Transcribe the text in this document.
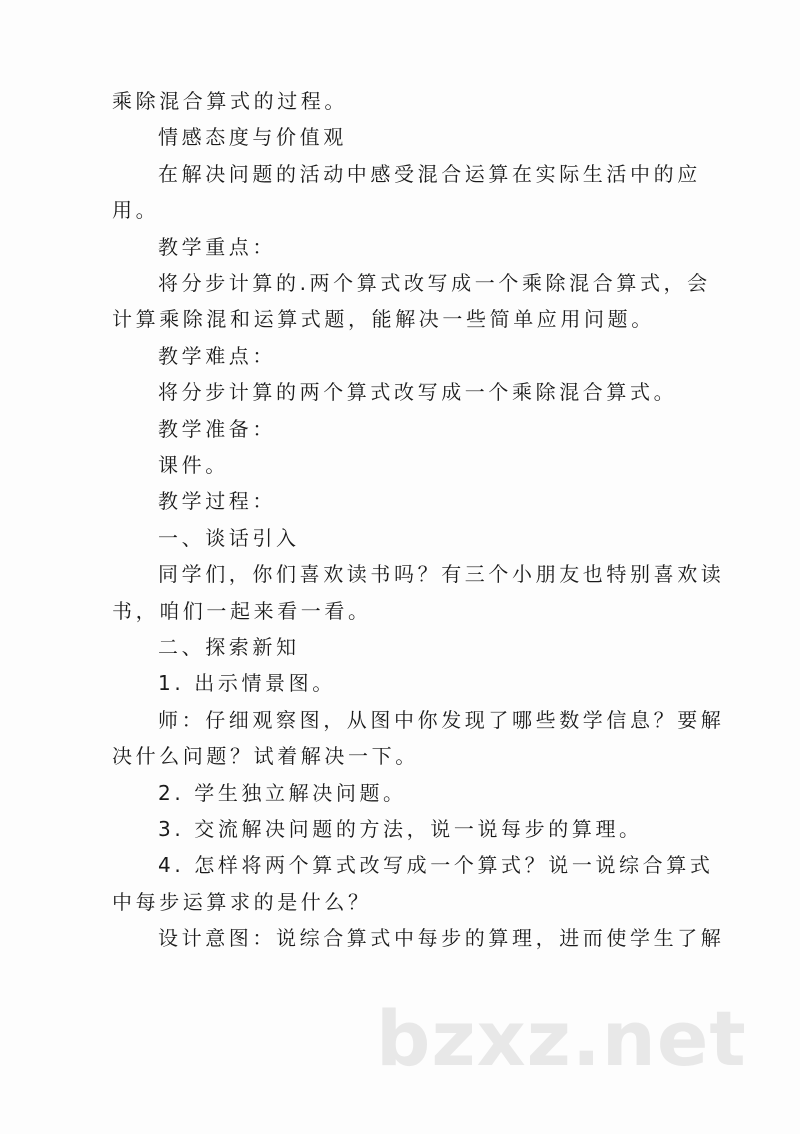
乘除混合算式的过程。
情感态度与价值观
在解决问题的活动中感受混合运算在实际生活中的应
用。
教学重点：
将分步计算的.两个算式改写成一个乘除混合算式，会
计算乘除混和运算式题，能解决一些简单应用问题。
教学难点：
将分步计算的两个算式改写成一个乘除混合算式。
教学准备：
课件。
教学过程：
一、谈话引入
同学们，你们喜欢读书吗？有三个小朋友也特别喜欢读
书，咱们一起来看一看。
二、探索新知
1. 出示情景图。
师：仔细观察图，从图中你发现了哪些数学信息？要解
决什么问题？试着解决一下。
2. 学生独立解决问题。
3. 交流解决问题的方法，说一说每步的算理。
4. 怎样将两个算式改写成一个算式？说一说综合算式
中每步运算求的是什么？
设计意图：说综合算式中每步的算理，进而使学生了解
bzxz.net
